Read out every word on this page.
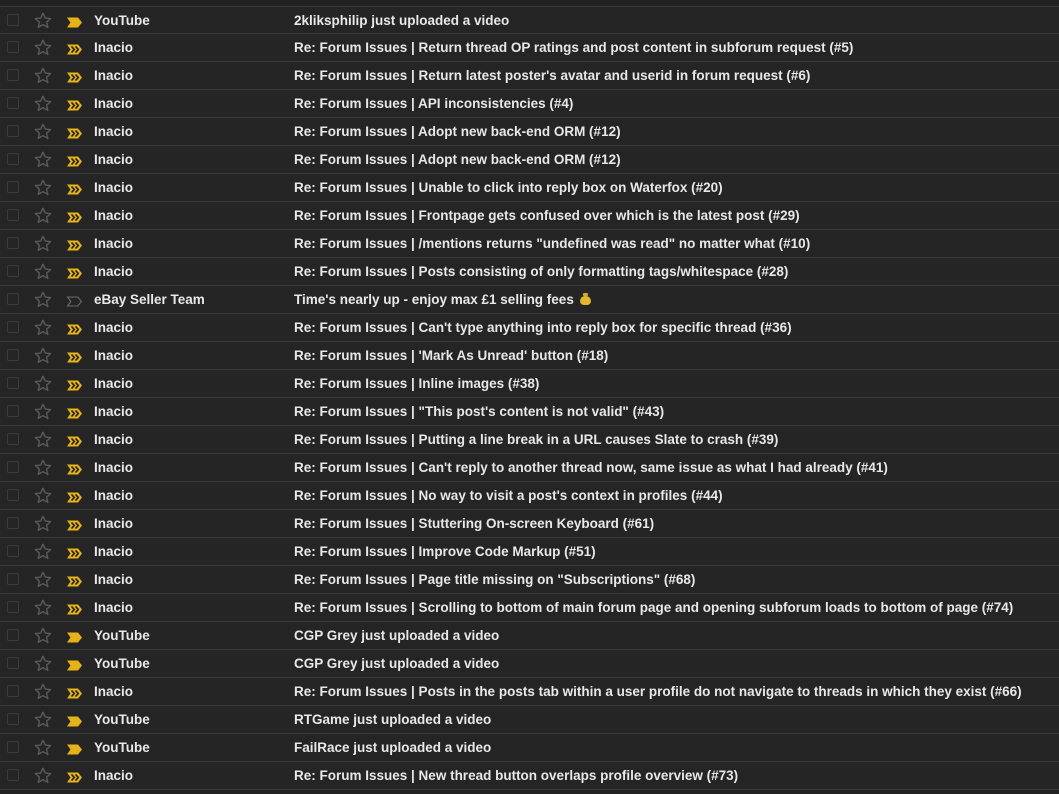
YouTube	2kliksphilip just uploaded a video
Inacio	Re: Forum Issues | Return thread OP ratings and post content in subforum request (#5)
Inacio	Re: Forum Issues | Return latest poster's avatar and userid in forum request (#6)
Inacio	Re: Forum Issues | API inconsistencies (#4)
Inacio	Re: Forum Issues | Adopt new back-end ORM (#12)
Inacio	Re: Forum Issues | Adopt new back-end ORM (#12)
Inacio	Re: Forum Issues | Unable to click into reply box on Waterfox (#20)
Inacio	Re: Forum Issues | Frontpage gets confused over which is the latest post (#29)
Inacio	Re: Forum Issues | /mentions returns "undefined was read" no matter what (#10)
Inacio	Re: Forum Issues | Posts consisting of only formatting tags/whitespace (#28)
eBay Seller Team	Time's nearly up - enjoy max £1 selling fees
Inacio	Re: Forum Issues | Can't type anything into reply box for specific thread (#36)
Inacio	Re: Forum Issues | 'Mark As Unread' button (#18)
Inacio	Re: Forum Issues | Inline images (#38)
Inacio	Re: Forum Issues | "This post's content is not valid" (#43)
Inacio	Re: Forum Issues | Putting a line break in a URL causes Slate to crash (#39)
Inacio	Re: Forum Issues | Can't reply to another thread now, same issue as what I had already (#41)
Inacio	Re: Forum Issues | No way to visit a post's context in profiles (#44)
Inacio	Re: Forum Issues | Stuttering On-screen Keyboard (#61)
Inacio	Re: Forum Issues | Improve Code Markup (#51)
Inacio	Re: Forum Issues | Page title missing on "Subscriptions" (#68)
Inacio	Re: Forum Issues | Scrolling to bottom of main forum page and opening subforum loads to bottom of page (#74)
YouTube	CGP Grey just uploaded a video
YouTube	CGP Grey just uploaded a video
Inacio	Re: Forum Issues | Posts in the posts tab within a user profile do not navigate to threads in which they exist (#66)
YouTube	RTGame just uploaded a video
YouTube	FailRace just uploaded a video
Inacio	Re: Forum Issues | New thread button overlaps profile overview (#73)
